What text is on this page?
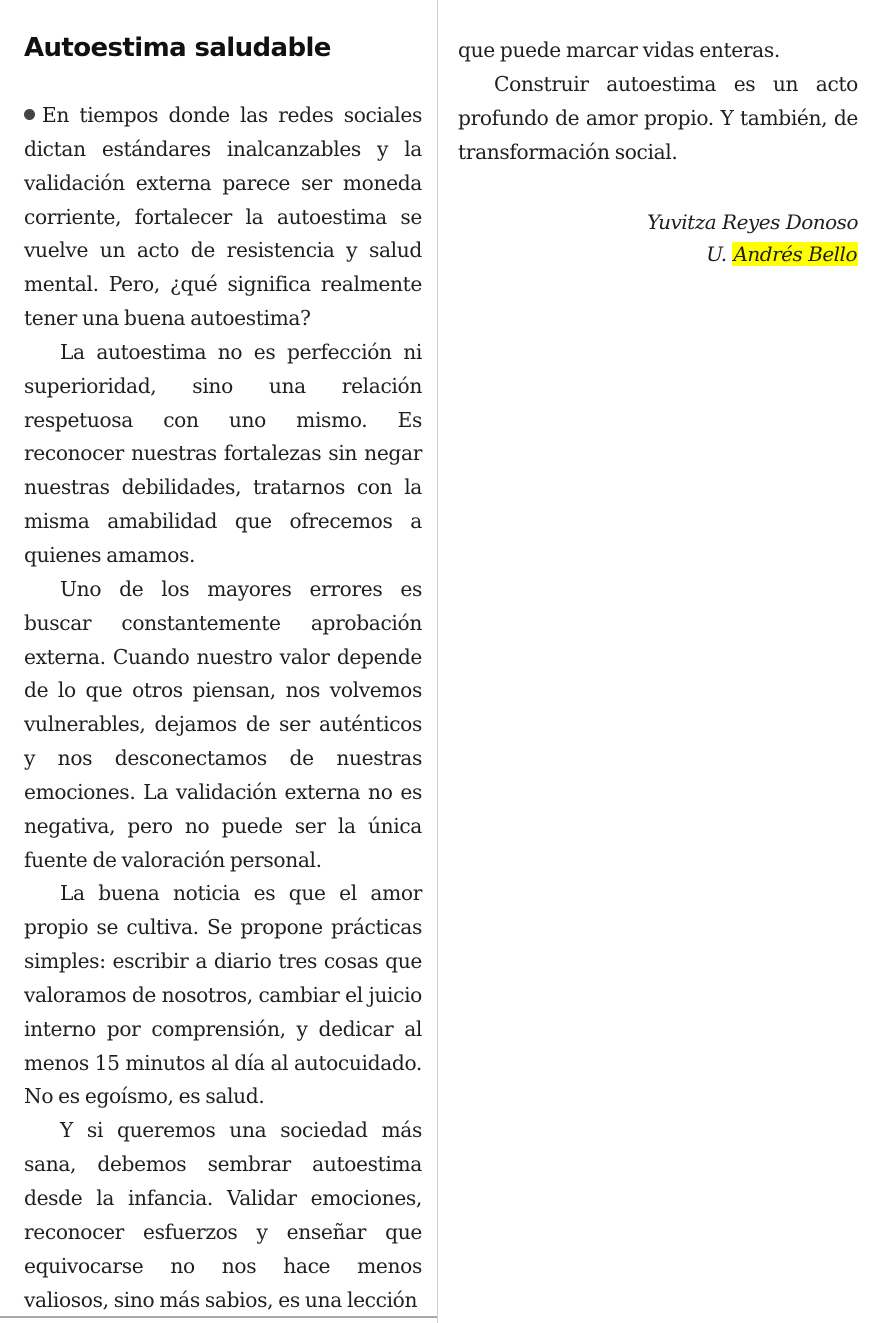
Autoestima saludable

En tiempos donde las redes sociales dictan estándares inalcanzables y la validación externa parece ser moneda corriente, fortalecer la autoestima se vuelve un acto de resistencia y salud mental. Pero, ¿qué significa realmente tener una buena autoestima?

La autoestima no es perfección ni superioridad, sino una relación respetuosa con uno mismo. Es reconocer nuestras fortalezas sin negar nuestras debilidades, tratarnos con la misma amabilidad que ofrecemos a quienes amamos.

Uno de los mayores errores es buscar constantemente aprobación externa. Cuando nuestro valor depende de lo que otros piensan, nos volvemos vulnerables, dejamos de ser auténticos y nos desconectamos de nuestras emociones. La validación externa no es negativa, pero no puede ser la única fuente de valoración personal.

La buena noticia es que el amor propio se cultiva. Se propone prácticas simples: escribir a diario tres cosas que valoramos de nosotros, cambiar el juicio interno por comprensión, y dedicar al menos 15 minutos al día al autocuidado. No es egoísmo, es salud.

Y si queremos una sociedad más sana, debemos sembrar autoestima desde la infancia. Validar emociones, reconocer esfuerzos y enseñar que equivocarse no nos hace menos valiosos, sino más sabios, es una lección

que puede marcar vidas enteras.

Construir autoestima es un acto profundo de amor propio. Y también, de transformación social.

Yuvitza Reyes Donoso
U. Andrés Bello
